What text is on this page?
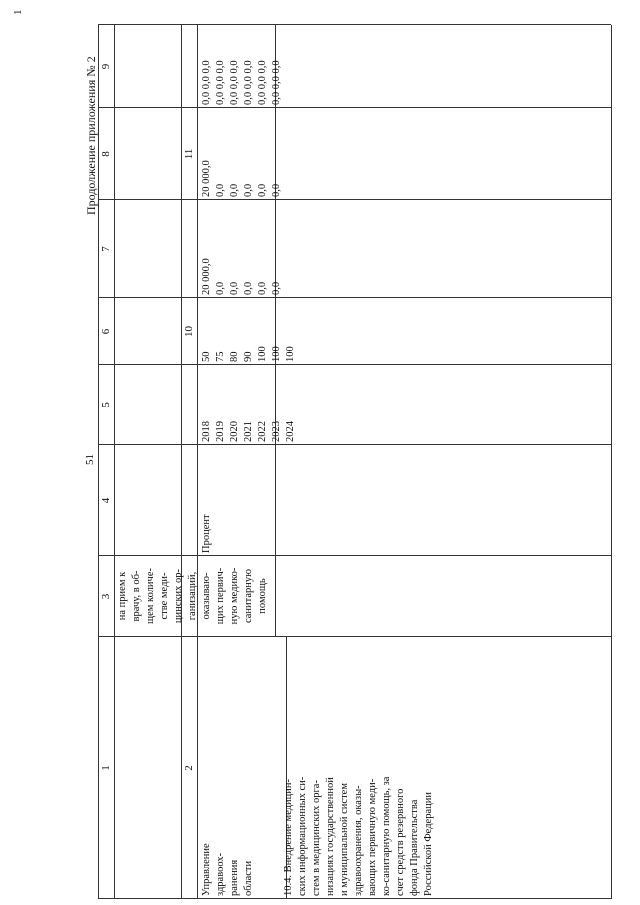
1
51
Продолжение приложения № 2
1
3
4
5
6
7
8
9
2
10
11
10.4. Внедрение медицин- ских информационных си- стем в медицинских орга- низациях государственной и муниципальной систем здравоохранения, оказы- вающих первичную меди- ко-санитарную помощь, за счет средств резервного фонда Правительства Российской Федерации
Управление здравоох- ранения области
на прием к врачу, в об- щем количе- стве меди- цинских ор- ганизаций, оказываю- щих первич- ную медико- санитарную помощь
Процент
2018 2019 2020 2021 2022 2023 2024
50 75 80 90 100 100 100
20 000,0 0,0 0,0 0,0 0,0 0,0
20 000,0 0,0 0,0 0,0 0,0 0,0
0,0 0,0 0,0 0,0 0,0 0,0 0,0 0,0 0,0 0,0 0,0 0,0 0,0 0,0 0,0 0,0 0,0 0,0
